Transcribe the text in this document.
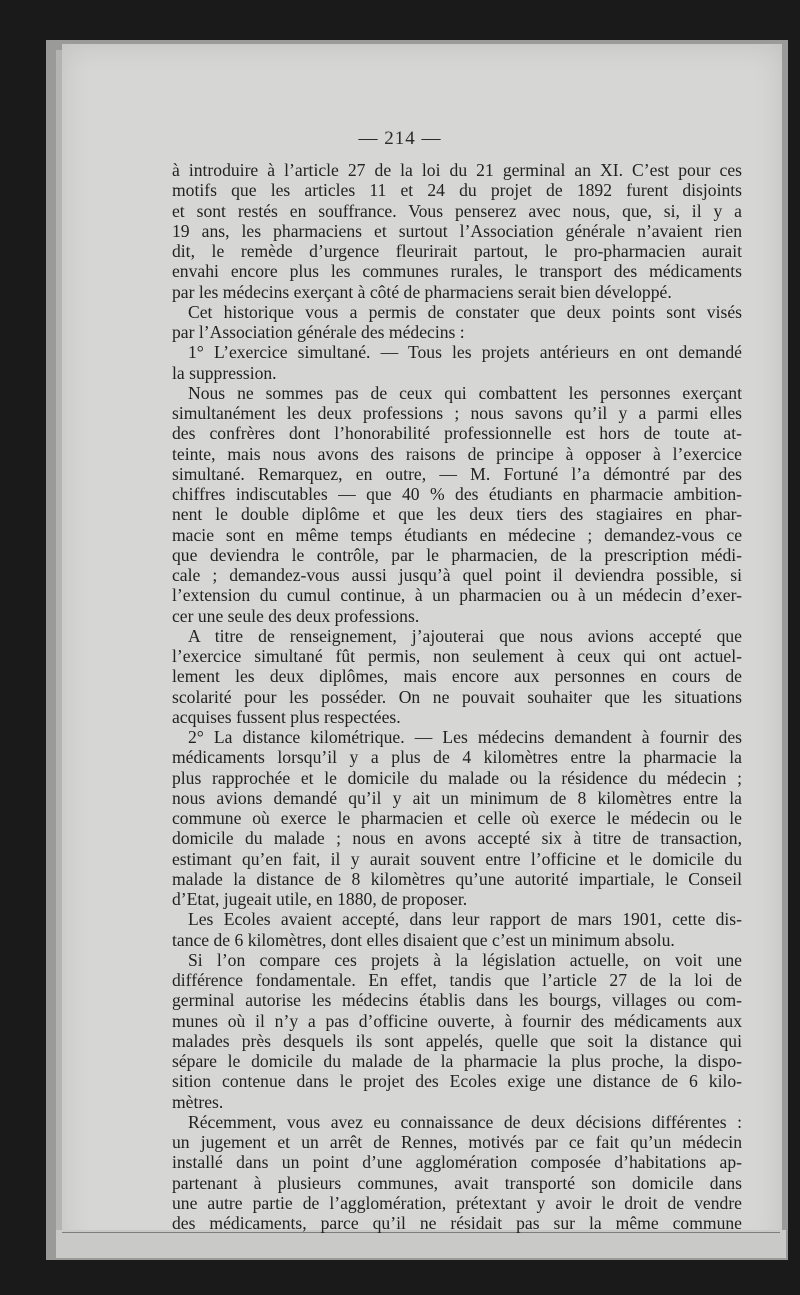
— 214 —
à introduire à l’article 27 de la loi du 21 germinal an XI. C’est pour ces
motifs que les articles 11 et 24 du projet de 1892 furent disjoints
et sont restés en souffrance. Vous penserez avec nous, que, si, il y a
19 ans, les pharmaciens et surtout l’Association générale n’avaient rien
dit, le remède d’urgence fleurirait partout, le pro-pharmacien aurait
envahi encore plus les communes rurales, le transport des médicaments
par les médecins exerçant à côté de pharmaciens serait bien développé.
Cet historique vous a permis de constater que deux points sont visés
par l’Association générale des médecins :
1° L’exercice simultané. — Tous les projets antérieurs en ont demandé
la suppression.
Nous ne sommes pas de ceux qui combattent les personnes exerçant
simultanément les deux professions ; nous savons qu’il y a parmi elles
des confrères dont l’honorabilité professionnelle est hors de toute at-
teinte, mais nous avons des raisons de principe à opposer à l’exercice
simultané. Remarquez, en outre, — M. Fortuné l’a démontré par des
chiffres indiscutables — que 40 % des étudiants en pharmacie ambition-
nent le double diplôme et que les deux tiers des stagiaires en phar-
macie sont en même temps étudiants en médecine ; demandez-vous ce
que deviendra le contrôle, par le pharmacien, de la prescription médi-
cale ; demandez-vous aussi jusqu’à quel point il deviendra possible, si
l’extension du cumul continue, à un pharmacien ou à un médecin d’exer-
cer une seule des deux professions.
A titre de renseignement, j’ajouterai que nous avions accepté que
l’exercice simultané fût permis, non seulement à ceux qui ont actuel-
lement les deux diplômes, mais encore aux personnes en cours de
scolarité pour les posséder. On ne pouvait souhaiter que les situations
acquises fussent plus respectées.
2° La distance kilométrique. — Les médecins demandent à fournir des
médicaments lorsqu’il y a plus de 4 kilomètres entre la pharmacie la
plus rapprochée et le domicile du malade ou la résidence du médecin ;
nous avions demandé qu’il y ait un minimum de 8 kilomètres entre la
commune où exerce le pharmacien et celle où exerce le médecin ou le
domicile du malade ; nous en avons accepté six à titre de transaction,
estimant qu’en fait, il y aurait souvent entre l’officine et le domicile du
malade la distance de 8 kilomètres qu’une autorité impartiale, le Conseil
d’Etat, jugeait utile, en 1880, de proposer.
Les Ecoles avaient accepté, dans leur rapport de mars 1901, cette dis-
tance de 6 kilomètres, dont elles disaient que c’est un minimum absolu.
Si l’on compare ces projets à la législation actuelle, on voit une
différence fondamentale. En effet, tandis que l’article 27 de la loi de
germinal autorise les médecins établis dans les bourgs, villages ou com-
munes où il n’y a pas d’officine ouverte, à fournir des médicaments aux
malades près desquels ils sont appelés, quelle que soit la distance qui
sépare le domicile du malade de la pharmacie la plus proche, la dispo-
sition contenue dans le projet des Ecoles exige une distance de 6 kilo-
mètres.
Récemment, vous avez eu connaissance de deux décisions différentes :
un jugement et un arrêt de Rennes, motivés par ce fait qu’un médecin
installé dans un point d’une agglomération composée d’habitations ap-
partenant à plusieurs communes, avait transporté son domicile dans
une autre partie de l’agglomération, prétextant y avoir le droit de vendre
des médicaments, parce qu’il ne résidait pas sur la même commune
